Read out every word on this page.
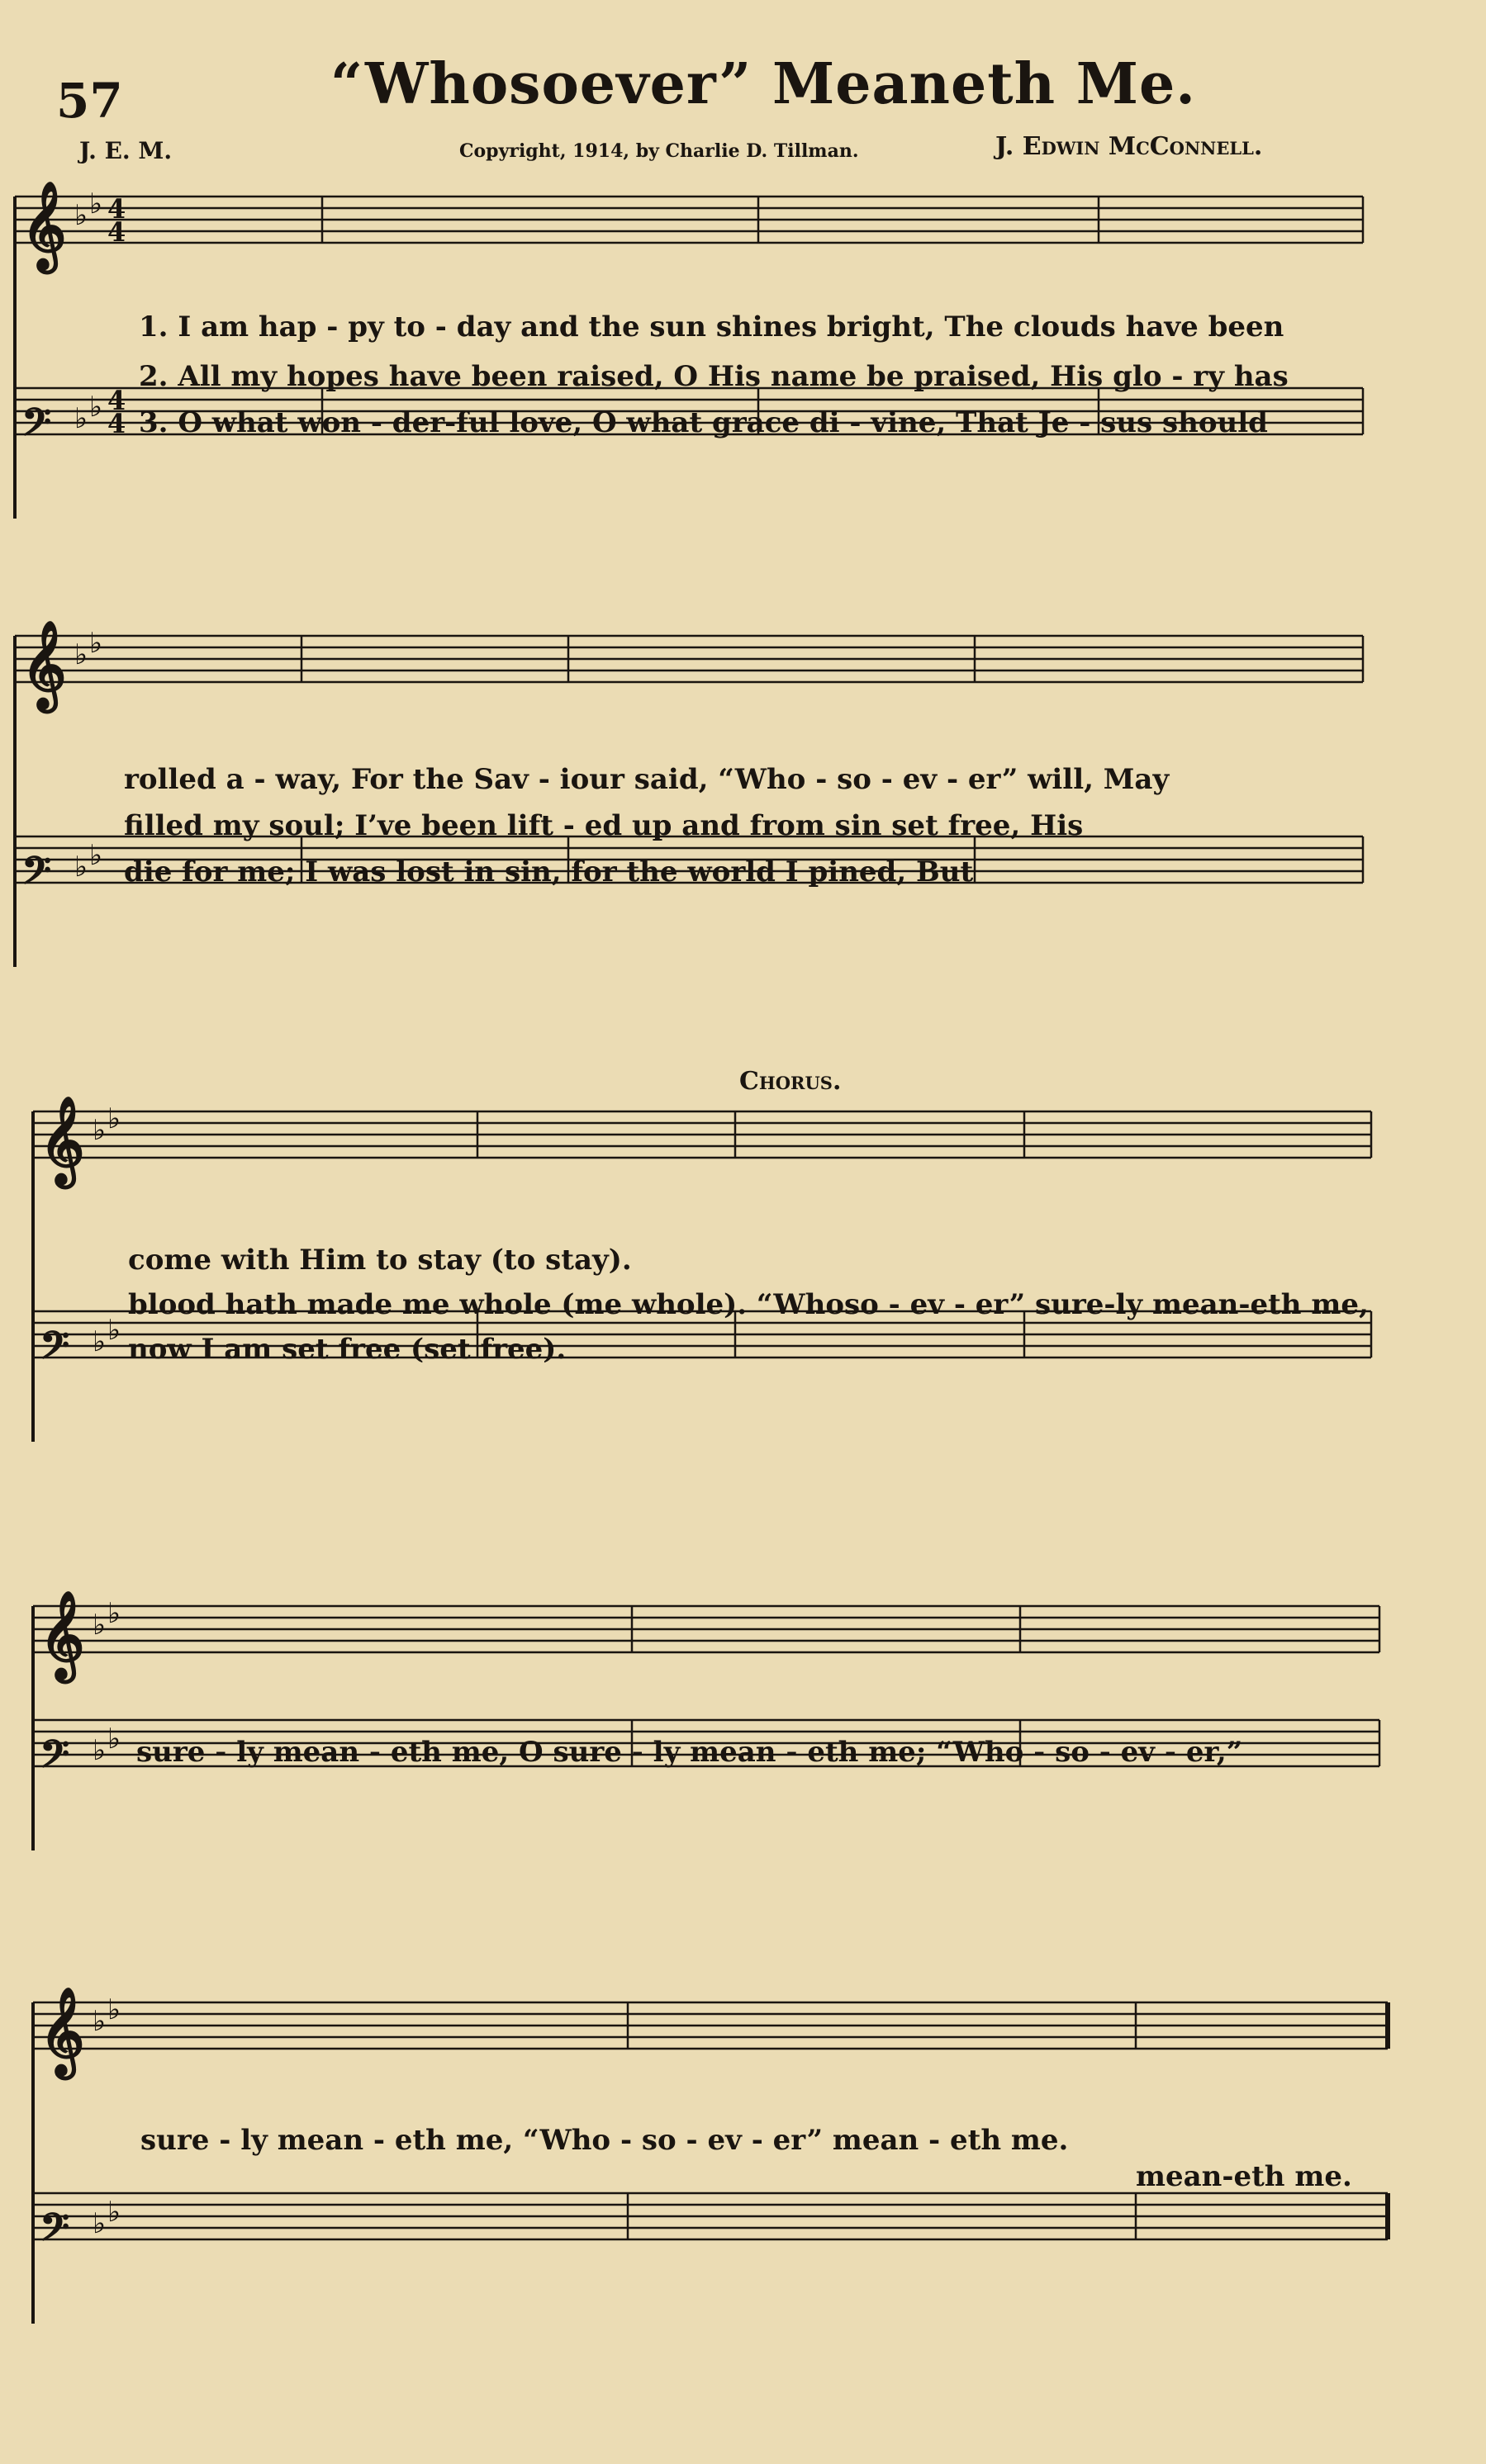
57	“Whosoever” Meaneth Me.
J. E. M.	Copyright, 1914, by Charlie D. Tillman.	J. Edwin McConnell.
Chorus.
𝄞 ♭ ♭ 4
4
𝄢 ♭ ♭ 4
4
𝄞 ♭ ♭
𝄢 ♭ ♭
𝄞 ♭ ♭
𝄢 ♭ ♭
𝄞 ♭ ♭
𝄢 ♭ ♭
𝄞 ♭ ♭
𝄢 ♭ ♭
1. I am hap - py to - day and the sun shines bright, The clouds have been
2. All my hopes have been raised, O His name be praised, His glo - ry has
3. O what won - der-ful love, O what grace di - vine, That Je - sus should
rolled a - way, For the Sav - iour said, “Who - so - ev - er” will, May
filled my soul; I’ve been lift - ed up and from sin set free, His
die for me; I was lost in sin, for the world I pined, But
come with Him to stay (to stay).
blood hath made me whole (me whole). “Whoso - ev - er” sure-ly mean-eth me,
now I am set free (set free).
sure - ly mean - eth me, O sure - ly mean - eth me; “Who - so - ev - er,”
sure - ly mean - eth me, “Who - so - ev - er” mean - eth me.
mean-eth me.
